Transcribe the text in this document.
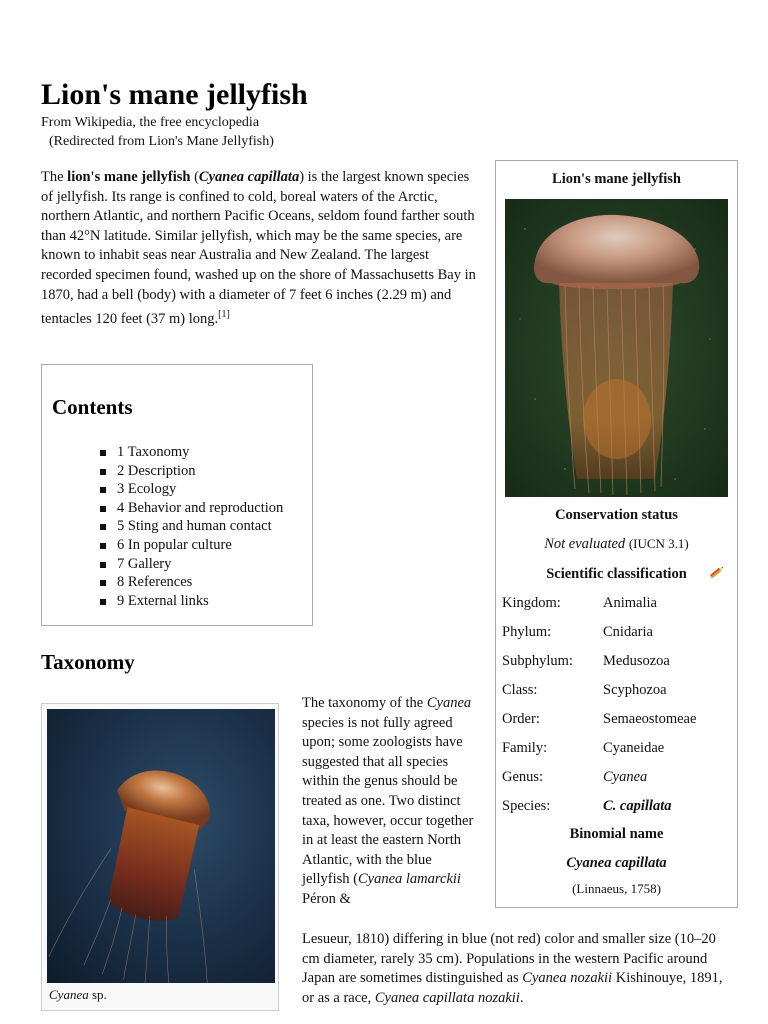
Lion's mane jellyfish
From Wikipedia, the free encyclopedia
(Redirected from Lion's Mane Jellyfish)
The lion's mane jellyfish (Cyanea capillata) is the largest known species of jellyfish. Its range is confined to cold, boreal waters of the Arctic, northern Atlantic, and northern Pacific Oceans, seldom found farther south than 42°N latitude. Similar jellyfish, which may be the same species, are known to inhabit seas near Australia and New Zealand. The largest recorded specimen found, washed up on the shore of Massachusetts Bay in 1870, had a bell (body) with a diameter of 7 feet 6 inches (2.29 m) and tentacles 120 feet (37 m) long.[1]
Contents
1 Taxonomy
2 Description
3 Ecology
4 Behavior and reproduction
5 Sting and human contact
6 In popular culture
7 Gallery
8 References
9 External links
Taxonomy
Cyanea sp.
The taxonomy of the Cyanea species is not fully agreed upon; some zoologists have suggested that all species within the genus should be treated as one. Two distinct taxa, however, occur together in at least the eastern North Atlantic, with the blue jellyfish (Cyanea lamarckii Péron &
Lesueur, 1810) differing in blue (not red) color and smaller size (10–20 cm diameter, rarely 35 cm). Populations in the western Pacific around Japan are sometimes distinguished as Cyanea nozakii Kishinouye, 1891, or as a race, Cyanea capillata nozakii.
Lion's mane jellyfish
Conservation status
Not evaluated (IUCN 3.1)
Scientific classification
Kingdom:	Animalia
Phylum:	Cnidaria
Subphylum: Medusozoa
Class:	Scyphozoa
Order:	Semaeostomeae
Family:	Cyaneidae
Genus:	Cyanea
Species:	C. capillata
Binomial name
Cyanea capillata
(Linnaeus, 1758)
